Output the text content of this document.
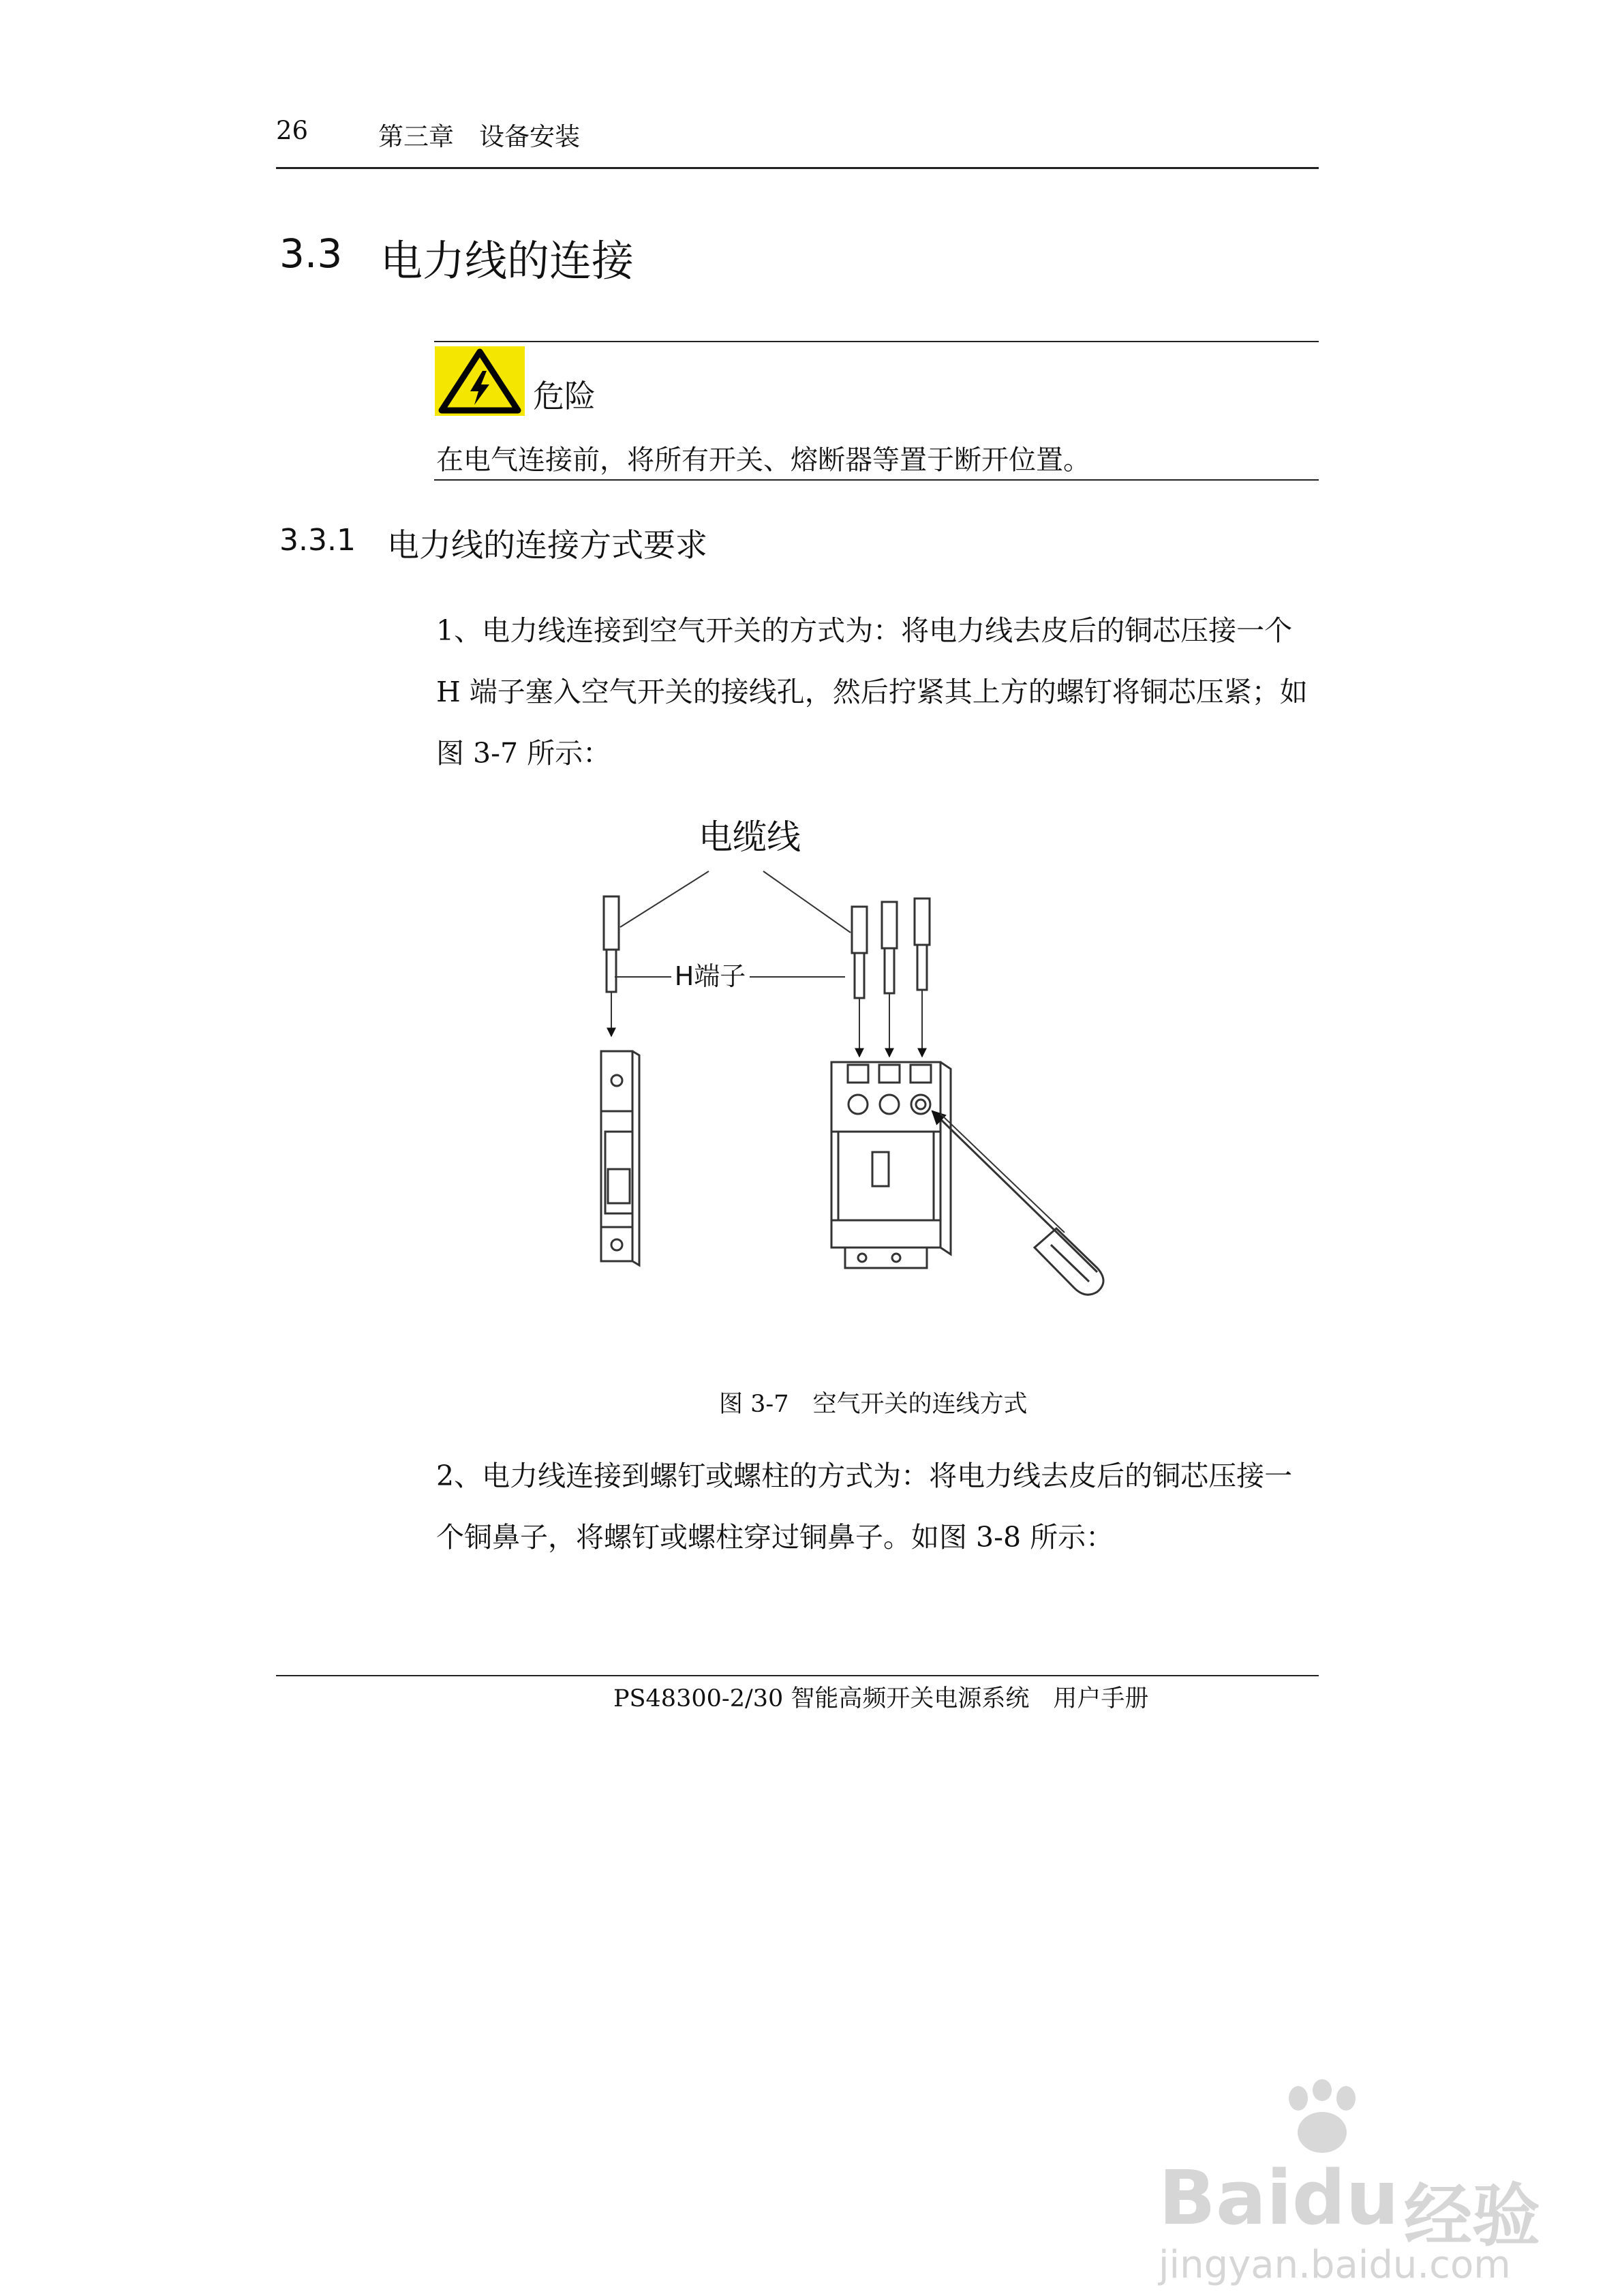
26	第三章　设备安装
3.3 电力线的连接
危险
在电气连接前，将所有开关、熔断器等置于断开位置。
3.3.1 电力线的连接方式要求
1、电力线连接到空气开关的方式为：将电力线去皮后的铜芯压接一个H 端子塞入空气开关的接线孔，然后拧紧其上方的螺钉将铜芯压紧；如图 3-7 所示：
电缆线
H端子
图 3-7　空气开关的连线方式
2、电力线连接到螺钉或螺柱的方式为：将电力线去皮后的铜芯压接一个铜鼻子，将螺钉或螺柱穿过铜鼻子。如图 3-8 所示：
PS48300-2/30 智能高频开关电源系统　用户手册
Baidu 经验
jingyan.baidu.com
